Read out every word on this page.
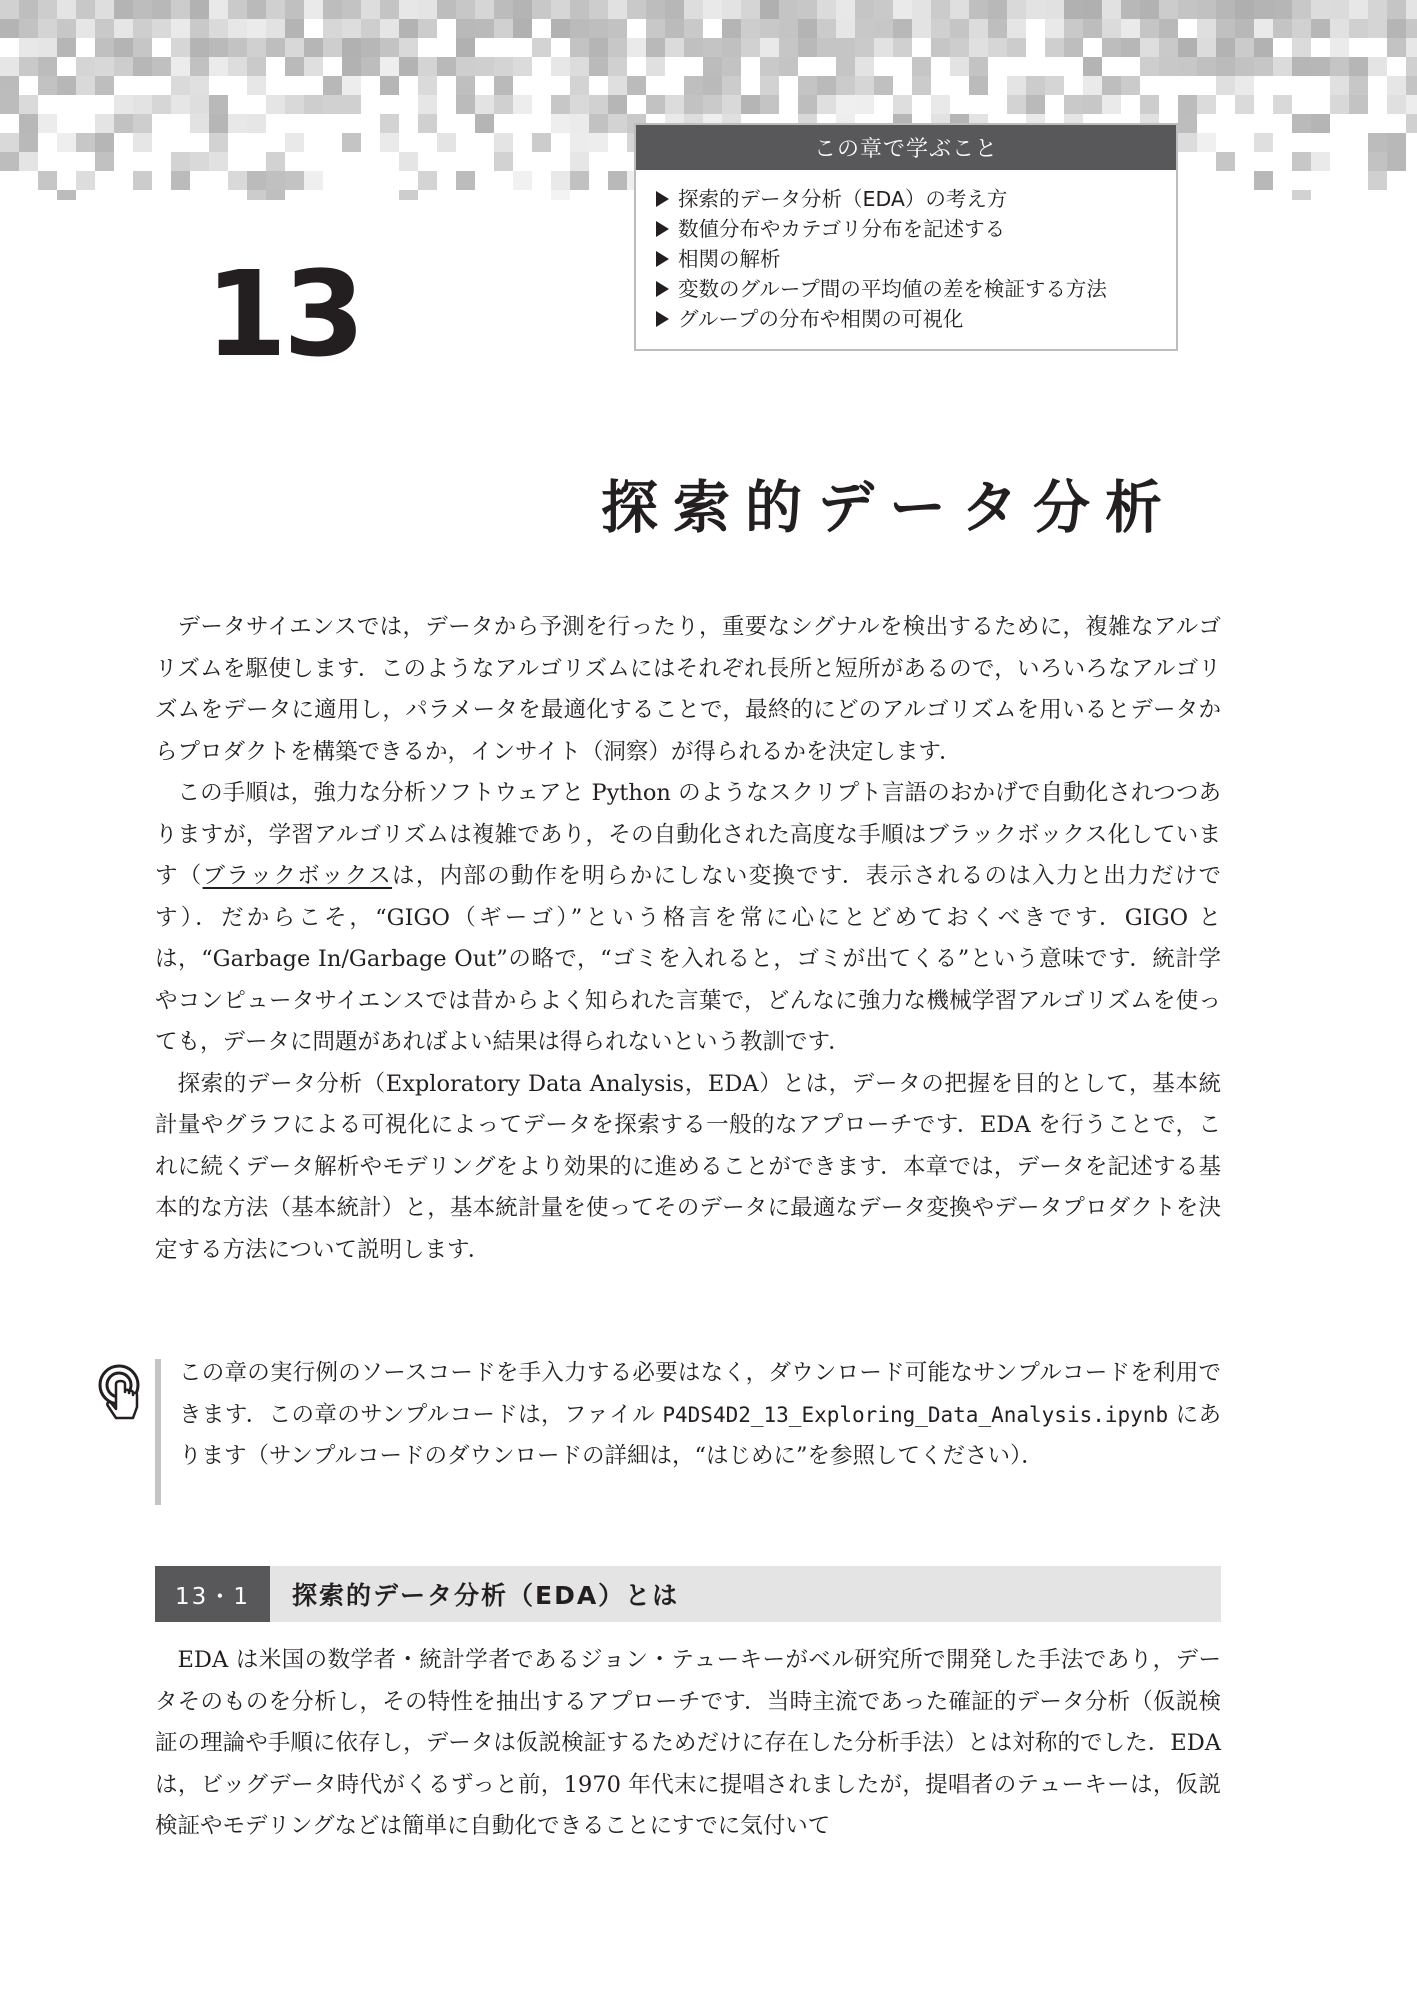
13
この章で学ぶこと
探索的データ分析（EDA）の考え方
数値分布やカテゴリ分布を記述する
相関の解析
変数のグループ間の平均値の差を検証する方法
グループの分布や相関の可視化
探索的データ分析

データサイエンスでは，データから予測を行ったり，重要なシグナルを検出するために，複雑なアルゴリズムを駆使します．このようなアルゴリズムにはそれぞれ長所と短所があるので，いろいろなアルゴリズムをデータに適用し，パラメータを最適化することで，最終的にどのアルゴリズムを用いるとデータからプロダクトを構築できるか，インサイト（洞察）が得られるかを決定します．

この手順は，強力な分析ソフトウェアと Python のようなスクリプト言語のおかげで自動化されつつありますが，学習アルゴリズムは複雑であり，その自動化された高度な手順はブラックボックス化しています（ブラックボックスは，内部の動作を明らかにしない変換です．表示されるのは入力と出力だけです）．だからこそ，“GIGO（ギーゴ）”という格言を常に心にとどめておくべきです．GIGO とは，“Garbage In/Garbage Out”の略で，“ゴミを入れると，ゴミが出てくる”という意味です．統計学やコンピュータサイエンスでは昔からよく知られた言葉で，どんなに強力な機械学習アルゴリズムを使っても，データに問題があればよい結果は得られないという教訓です．

探索的データ分析（Exploratory Data Analysis，EDA）とは，データの把握を目的として，基本統計量やグラフによる可視化によってデータを探索する一般的なアプローチです．EDA を行うことで，これに続くデータ解析やモデリングをより効果的に進めることができます．本章では，データを記述する基本的な方法（基本統計）と，基本統計量を使ってそのデータに最適なデータ変換やデータプロダクトを決定する方法について説明します．

この章の実行例のソースコードを手入力する必要はなく，ダウンロード可能なサンプルコードを利用できます．この章のサンプルコードは，ファイル P4DS4D2_13_Exploring_Data_Analysis.ipynb にあります（サンプルコードのダウンロードの詳細は，“はじめに”を参照してください）．
13・1	探索的データ分析（EDA）とは

EDA は米国の数学者・統計学者であるジョン・テューキーがベル研究所で開発した手法であり，データそのものを分析し，その特性を抽出するアプローチです．当時主流であった確証的データ分析（仮説検証の理論や手順に依存し，データは仮説検証するためだけに存在した分析手法）とは対称的でした．EDA は，ビッグデータ時代がくるずっと前，1970 年代末に提唱されましたが，提唱者のテューキーは，仮説検証やモデリングなどは簡単に自動化できることにすでに気付いて
